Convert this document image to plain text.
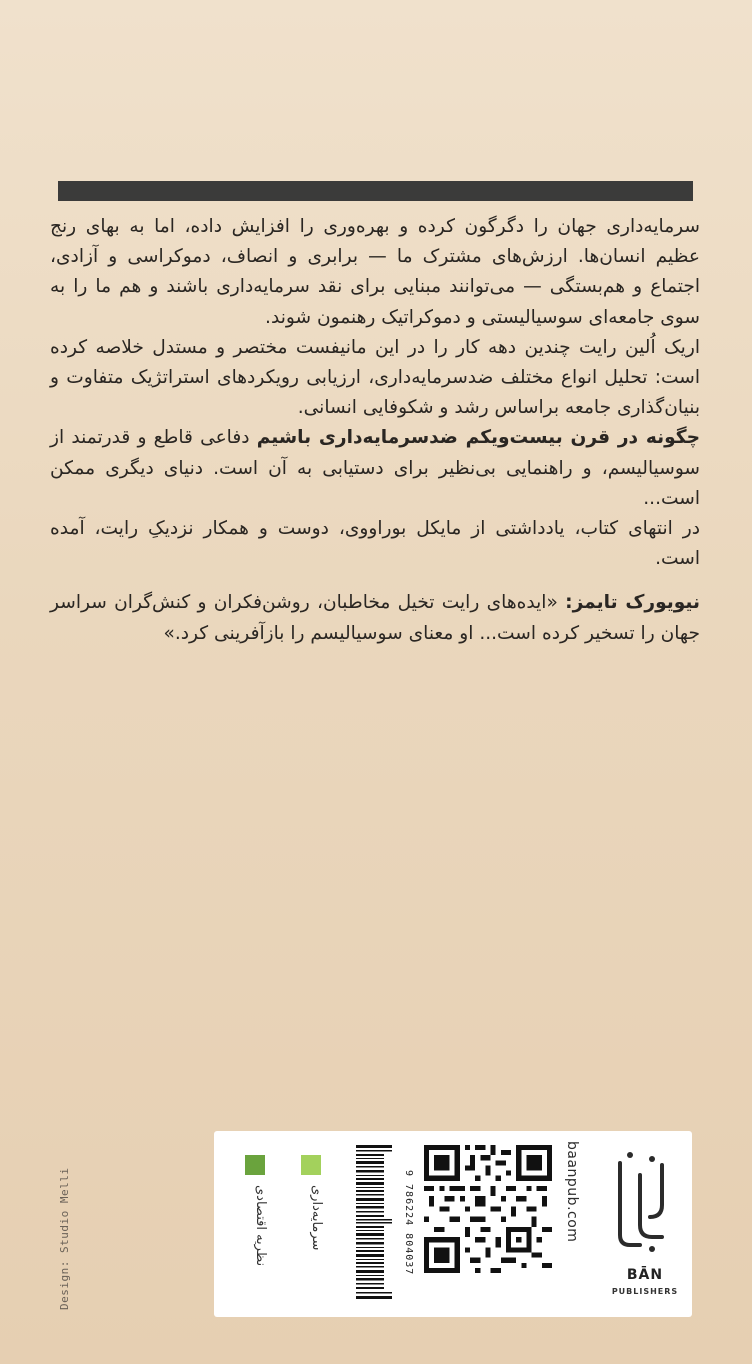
سرمایه‌داری جهان را دگرگون کرده و بهره‌وری را افزایش داده، اما به بهای رنج عظیم انسان‌ها. ارزش‌های مشترک ما — برابری و انصاف، دموکراسی و آزادی، اجتماع و هم‌بستگی — می‌توانند مبنایی برای نقد سرمایه‌داری باشند و هم ما را به سوی جامعه‌ای سوسیالیستی و دموکراتیک رهنمون شوند.

اریک اُلین رایت چندین دهه کار را در این مانیفست مختصر و مستدل خلاصه کرده است: تحلیل انواع مختلف ضدسرمایه‌داری، ارزیابی رویکردهای استراتژیک متفاوت و بنیان‌گذاری جامعه براساس رشد و شکوفایی انسانی.

چگونه در قرن بیست‌ویکم ضدسرمایه‌داری باشیم دفاعی قاطع و قدرتمند از سوسیالیسم، و راهنمایی بی‌نظیر برای دستیابی به آن است. دنیای دیگری ممکن است...

در انتهای کتاب، یادداشتی از مایکل بوراووی، دوست و همکار نزدیکِ رایت، آمده است.

نیویورک تایمز: «ایده‌های رایت تخیل مخاطبان، روشن‌فکران و کنش‌گران سراسر جهان را تسخیر کرده است... او معنای سوسیالیسم را بازآفرینی کرد.»

Design: Studio Melli	نظریه اقتصادی	سرمایه‌داری	9 786224 804037	baanpub.com
BĀN
PUBLISHERS
